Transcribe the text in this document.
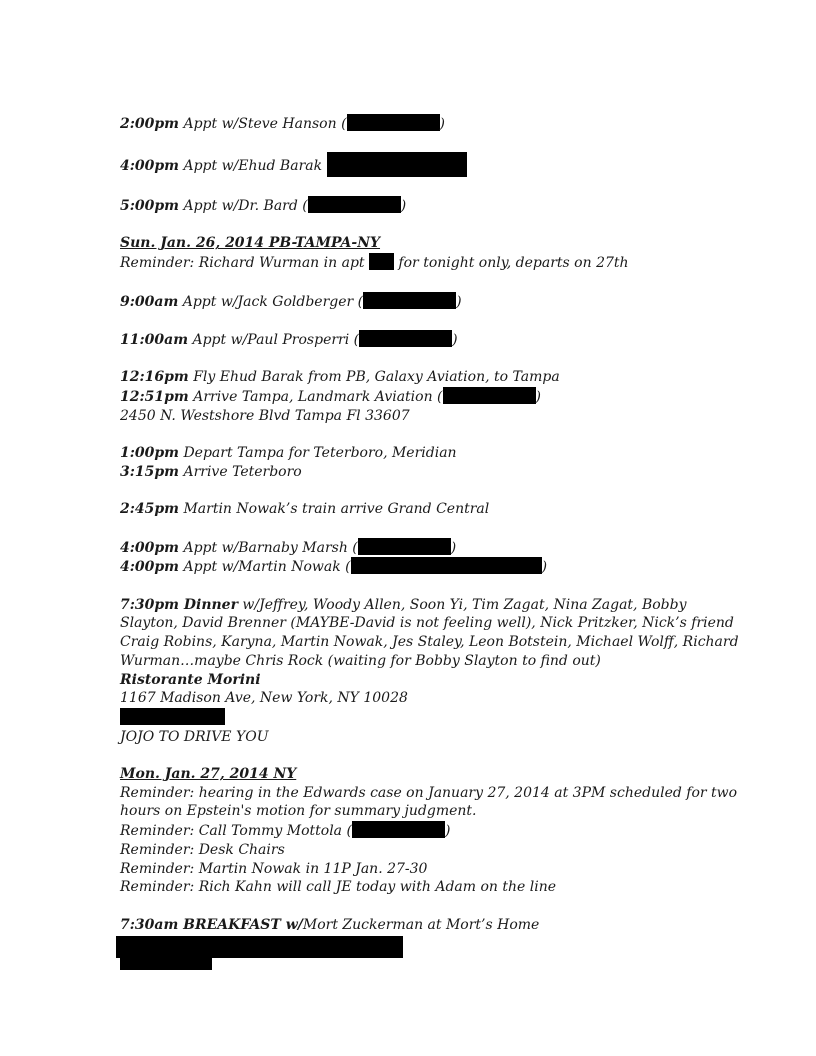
2:00pm Appt w/Steve Hanson (	)
4:00pm Appt w/Ehud Barak
5:00pm Appt w/Dr. Bard (	)
Sun. Jan. 26, 2014 PB-TAMPA-NY
Reminder: Richard Wurman in apt  for tonight only, departs on 27th
9:00am Appt w/Jack Goldberger (	)
11:00am Appt w/Paul Prosperri (	)
12:16pm Fly Ehud Barak from PB, Galaxy Aviation, to Tampa
12:51pm Arrive Tampa, Landmark Aviation (	)
2450 N. Westshore Blvd Tampa Fl 33607
1:00pm Depart Tampa for Teterboro, Meridian
3:15pm Arrive Teterboro
2:45pm Martin Nowak’s train arrive Grand Central
4:00pm Appt w/Barnaby Marsh (	)
4:00pm Appt w/Martin Nowak (	)
7:30pm Dinner w/Jeffrey, Woody Allen, Soon Yi, Tim Zagat, Nina Zagat, Bobby
Slayton, David Brenner (MAYBE-David is not feeling well), Nick Pritzker, Nick’s friend
Craig Robins, Karyna, Martin Nowak, Jes Staley, Leon Botstein, Michael Wolff, Richard
Wurman…maybe Chris Rock (waiting for Bobby Slayton to find out)
Ristorante Morini
1167 Madison Ave, New York, NY 10028
JOJO TO DRIVE YOU
Mon. Jan. 27, 2014 NY
Reminder: hearing in the Edwards case on January 27, 2014 at 3PM scheduled for two
hours on Epstein's motion for summary judgment.
Reminder: Call Tommy Mottola (	)
Reminder: Desk Chairs
Reminder: Martin Nowak in 11P Jan. 27-30
Reminder: Rich Kahn will call JE today with Adam on the line
7:30am BREAKFAST w/Mort Zuckerman at Mort’s Home
